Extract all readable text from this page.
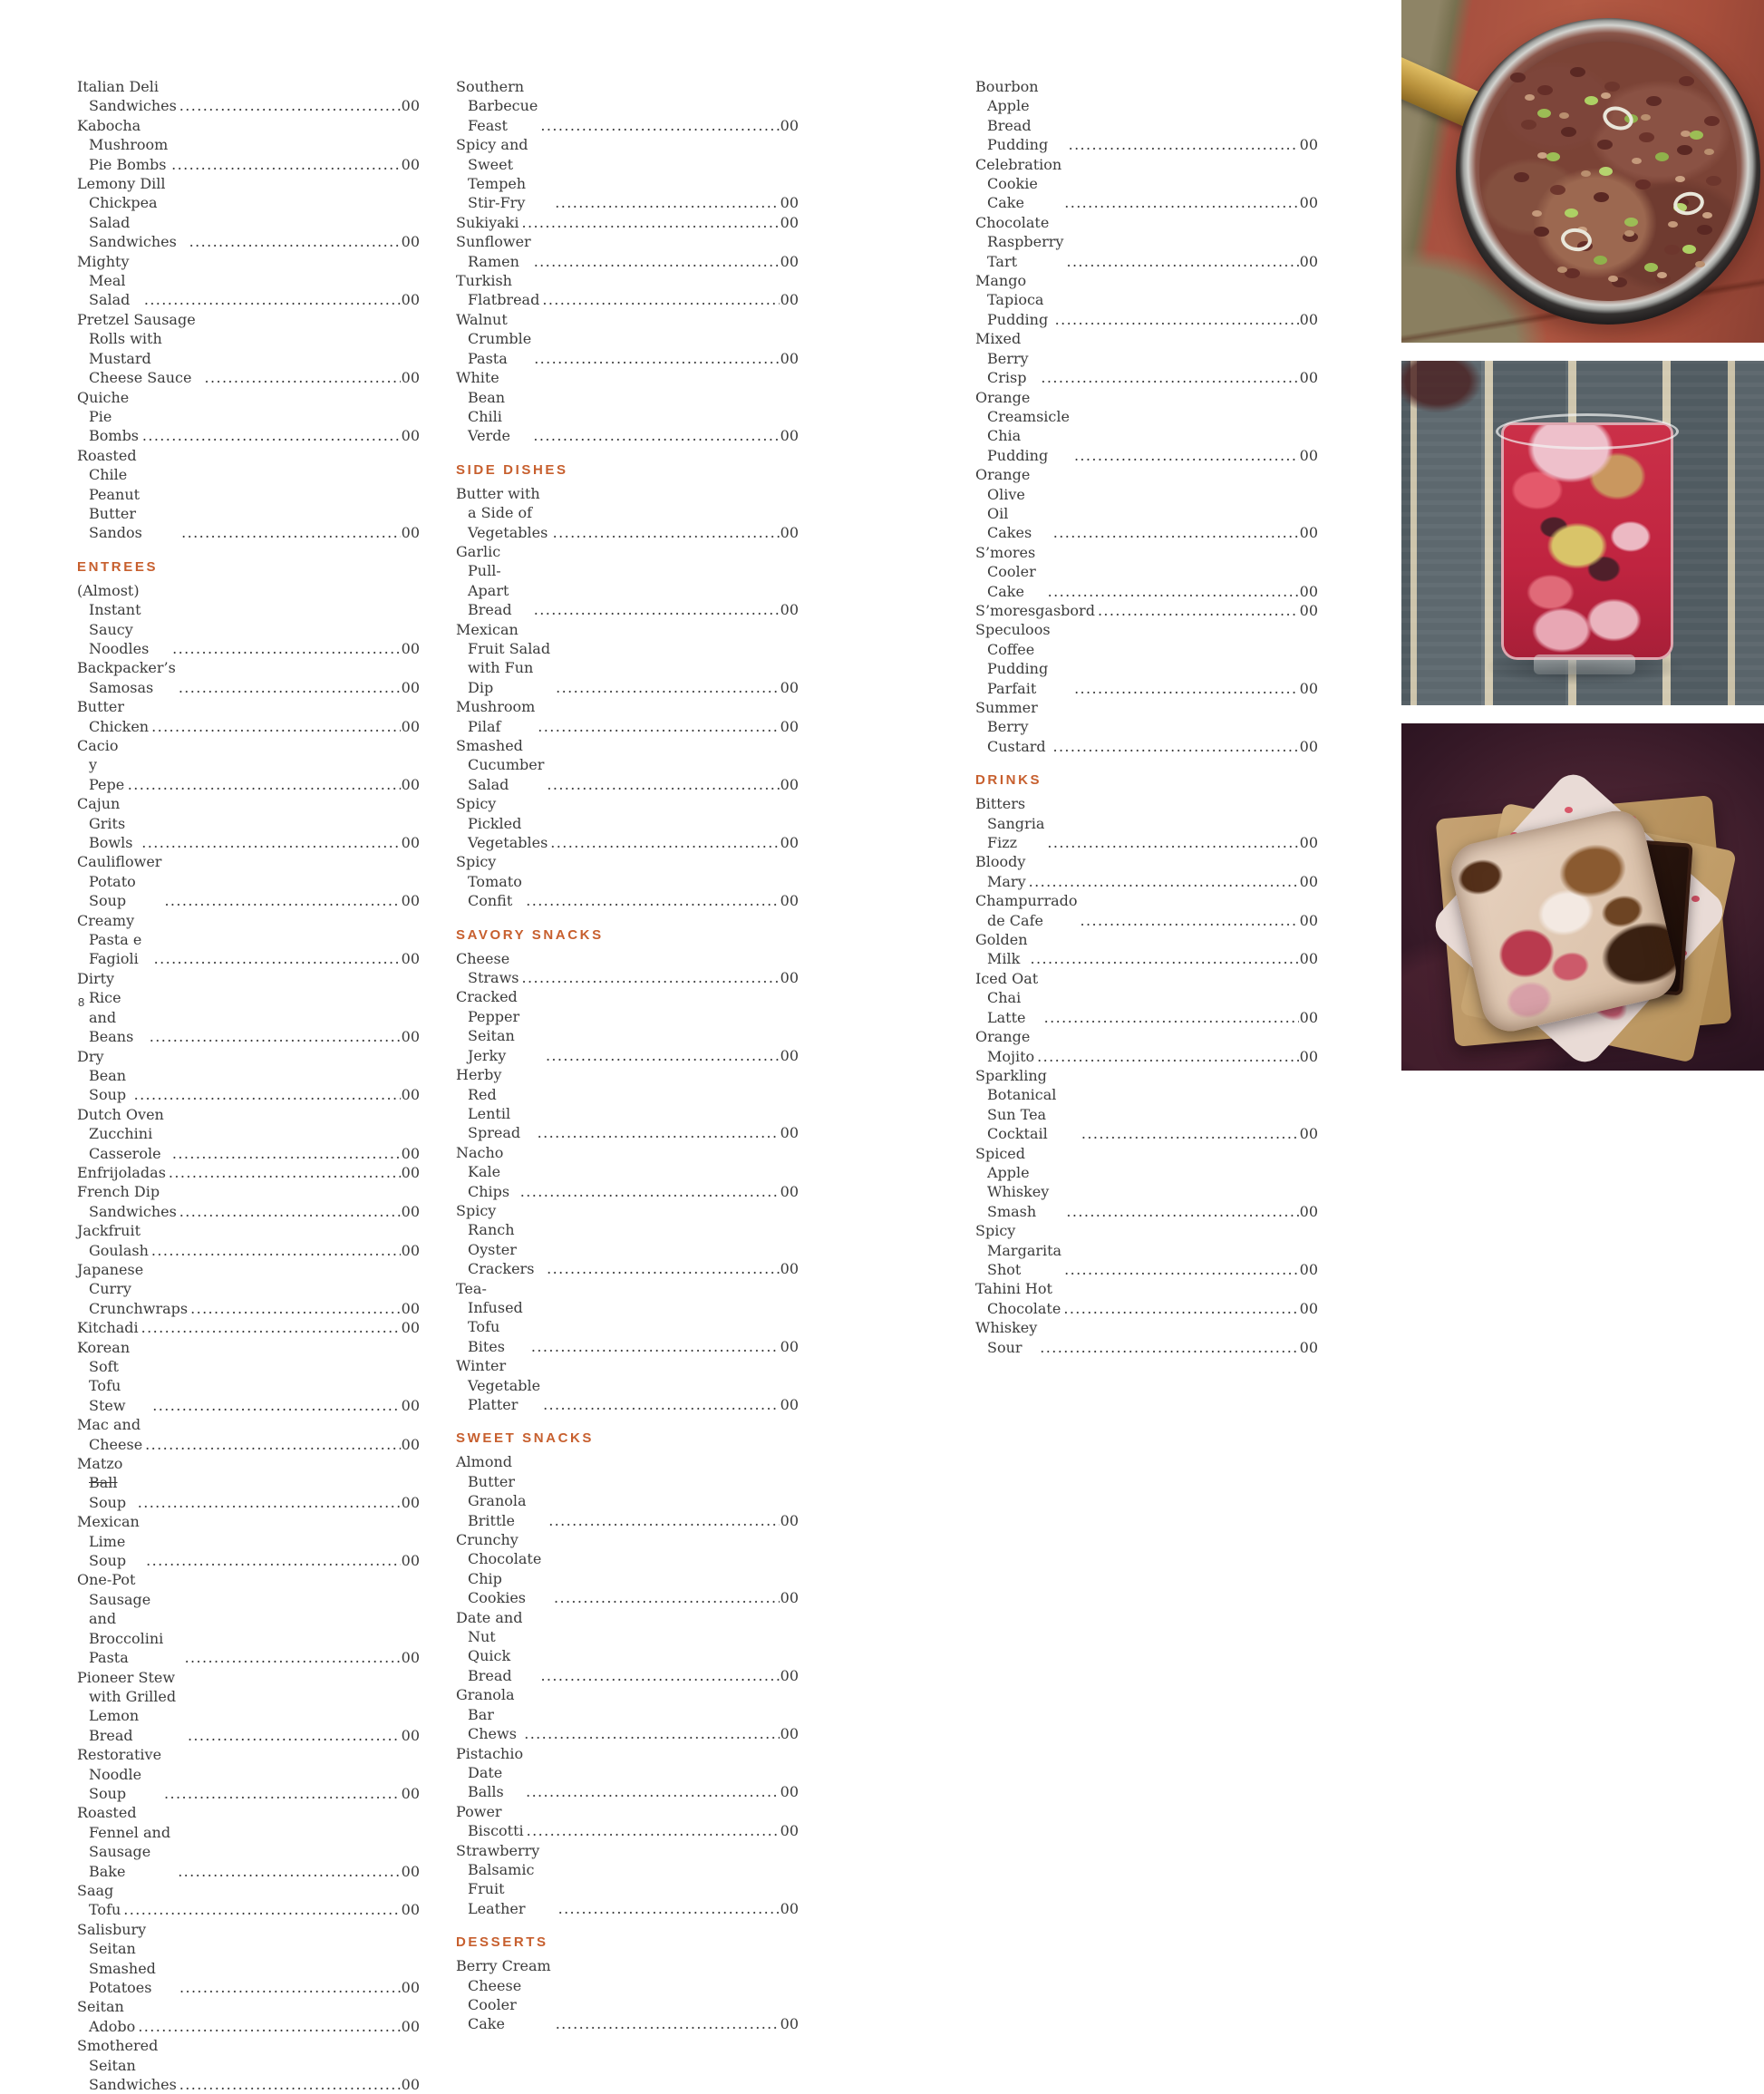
Italian Deli Sandwiches .....	00
Kabocha Mushroom Pie Bombs .....	00
Lemony Dill Chickpea Salad Sandwiches .....	00
Mighty Meal Salad .....	00
Pretzel Sausage Rolls with Mustard Cheese Sauce .....	00
Quiche Pie Bombs .....	00
Roasted Chile Peanut Butter Sandos .....	00
ENTREES
(Almost) Instant Saucy Noodles .....	00
Backpacker’s Samosas .....	00
Butter Chicken .....	00
Cacio y Pepe .....	00
Cajun Grits Bowls .....	00
Cauliflower Potato Soup .....	00
Creamy Pasta e Fagioli .....	00
Dirty Rice and Beans .....	00
Dry Bean Soup .....	00
Dutch Oven Zucchini Casserole .....	00
Enfrijoladas .....	00
French Dip Sandwiches .....	00
Jackfruit Goulash .....	00
Japanese Curry Crunchwraps .....	00
Kitchadi .....	00
Korean Soft Tofu Stew .....	00
Mac and Cheese .....	00
Matzo Ball Soup .....	00
Mexican Lime Soup .....	00
One-Pot Sausage and Broccolini Pasta .....	00
Pioneer Stew with Grilled Lemon Bread .....	00
Restorative Noodle Soup .....	00
Roasted Fennel and Sausage Bake .....	00
Saag Tofu .....	00
Salisbury Seitan Smashed Potatoes .....	00
Seitan Adobo .....	00
Smothered Seitan Sandwiches .....	00
Southern Barbecue Feast .....	00
Spicy and Sweet Tempeh Stir-Fry .....	00
Sukiyaki .....	00
Sunflower Ramen .....	00
Turkish Flatbread .....	00
Walnut Crumble Pasta .....	00
White Bean Chili Verde .....	00
SIDE DISHES
Butter with a Side of Vegetables .....	00
Garlic Pull-Apart Bread .....	00
Mexican Fruit Salad with Fun Dip .....	00
Mushroom Pilaf .....	00
Smashed Cucumber Salad .....	00
Spicy Pickled Vegetables .....	00
Spicy Tomato Confit .....	00
SAVORY SNACKS
Cheese Straws .....	00
Cracked Pepper Seitan Jerky .....	00
Herby Red Lentil Spread .....	00
Nacho Kale Chips .....	00
Spicy Ranch Oyster Crackers .....	00
Tea-Infused Tofu Bites .....	00
Winter Vegetable Platter .....	00
SWEET SNACKS
Almond Butter Granola Brittle .....	00
Crunchy Chocolate Chip Cookies .....	00
Date and Nut Quick Bread .....	00
Granola Bar Chews .....	00
Pistachio Date Balls .....	00
Power Biscotti .....	00
Strawberry Balsamic Fruit Leather .....	00
DESSERTS
Berry Cream Cheese Cooler Cake .....	00
Bourbon Apple Bread Pudding .....	00
Celebration Cookie Cake .....	00
Chocolate Raspberry Tart .....	00
Mango Tapioca Pudding .....	00
Mixed Berry Crisp .....	00
Orange Creamsicle Chia Pudding .....	00
Orange Olive Oil Cakes .....	00
S’mores Cooler Cake .....	00
S’moresgasbord .....	00
Speculoos Coffee Pudding Parfait .....	00
Summer Berry Custard .....	00
DRINKS
Bitters Sangria Fizz .....	00
Bloody Mary .....	00
Champurrado de Cafe .....	00
Golden Milk .....	00
Iced Oat Chai Latte .....	00
Orange Mojito .....	00
Sparkling Botanical Sun Tea Cocktail .....	00
Spiced Apple Whiskey Smash .....	00
Spicy Margarita Shot .....	00
Tahini Hot Chocolate .....	00
Whiskey Sour .....	00
8
